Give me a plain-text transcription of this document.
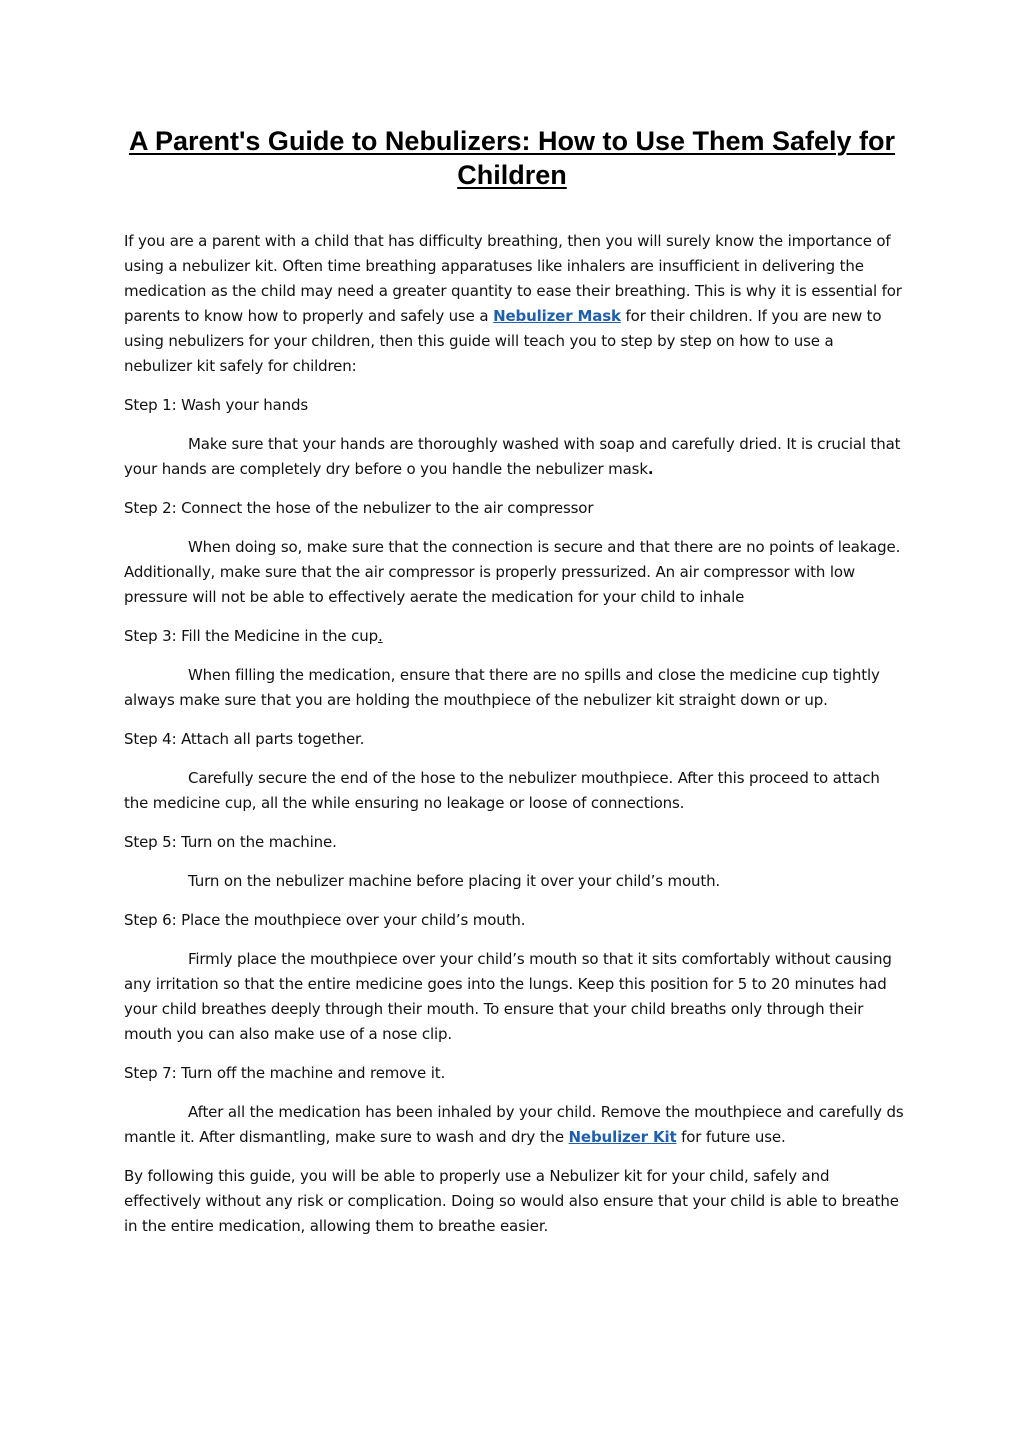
A Parent's Guide to Nebulizers: How to Use Them Safely for Children

If you are a parent with a child that has difficulty breathing, then you will surely know the importance of using a nebulizer kit. Often time breathing apparatuses like inhalers are insufficient in delivering the medication as the child may need a greater quantity to ease their breathing. This is why it is essential for parents to know how to properly and safely use a Nebulizer Mask for their children. If you are new to using nebulizers for your children, then this guide will teach you to step by step on how to use a nebulizer kit safely for children:

Step 1: Wash your hands

Make sure that your hands are thoroughly washed with soap and carefully dried. It is crucial that your hands are completely dry before o you handle the nebulizer mask.

Step 2: Connect the hose of the nebulizer to the air compressor

When doing so, make sure that the connection is secure and that there are no points of leakage. Additionally, make sure that the air compressor is properly pressurized. An air compressor with low pressure will not be able to effectively aerate the medication for your child to inhale

Step 3: Fill the Medicine in the cup.

When filling the medication, ensure that there are no spills and close the medicine cup tightly always make sure that you are holding the mouthpiece of the nebulizer kit straight down or up.

Step 4: Attach all parts together.

Carefully secure the end of the hose to the nebulizer mouthpiece. After this proceed to attach the medicine cup, all the while ensuring no leakage or loose of connections.

Step 5: Turn on the machine.

Turn on the nebulizer machine before placing it over your child’s mouth.

Step 6: Place the mouthpiece over your child’s mouth.

Firmly place the mouthpiece over your child’s mouth so that it sits comfortably without causing any irritation so that the entire medicine goes into the lungs. Keep this position for 5 to 20 minutes had your child breathes deeply through their mouth. To ensure that your child breaths only through their mouth you can also make use of a nose clip.

Step 7: Turn off the machine and remove it.

After all the medication has been inhaled by your child. Remove the mouthpiece and carefully ds mantle it. After dismantling, make sure to wash and dry the Nebulizer Kit for future use.

By following this guide, you will be able to properly use a Nebulizer kit for your child, safely and effectively without any risk or complication. Doing so would also ensure that your child is able to breathe in the entire medication, allowing them to breathe easier.
